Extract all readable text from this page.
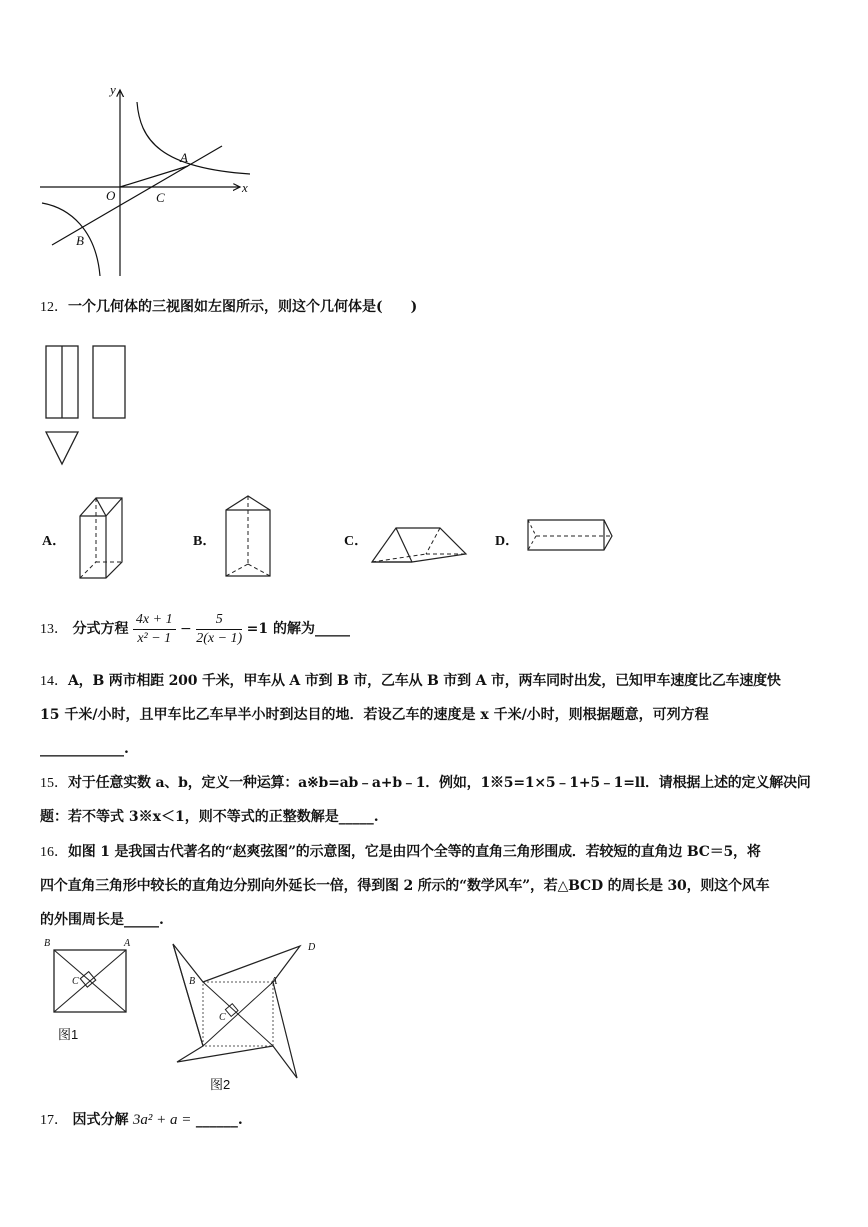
y
x
O
A
B
C
12．一个几何体的三视图如左图所示，则这个几何体是(　　)
A．	B．	C．	D．
13． 分式方程 $\frac{4x + 1}{\text{x² − 1}} - \frac{5}{2(x - 1)} =1$ 的解为_____
14．A，B 两市相距 200 千米，甲车从 A 市到 B 市，乙车从 B 市到 A 市，两车同时出发，已知甲车速度比乙车速度快
15 千米/小时，且甲车比乙车早半小时到达目的地．若设乙车的速度是 x 千米/小时，则根据题意，可列方程
____________.
15．对于任意实数 a、b，定义一种运算：a※b=ab﹣a+b﹣1．例如，1※5=1×5﹣1+5﹣1=ll．请根据上述的定义解决问
题：若不等式 3※x＜1，则不等式的正整数解是_____.
16．如图 1 是我国古代著名的“赵爽弦图”的示意图，它是由四个全等的直角三角形围成．若较短的直角边 BC＝5，将
四个直角三角形中较长的直角边分别向外延长一倍，得到图 2 所示的“数学风车”，若△BCD 的周长是 30，则这个风车
的外围周长是_____.
B	A
C
图1
B	A
C
D
图2
17． 因式分解 3a² + a = ______.
